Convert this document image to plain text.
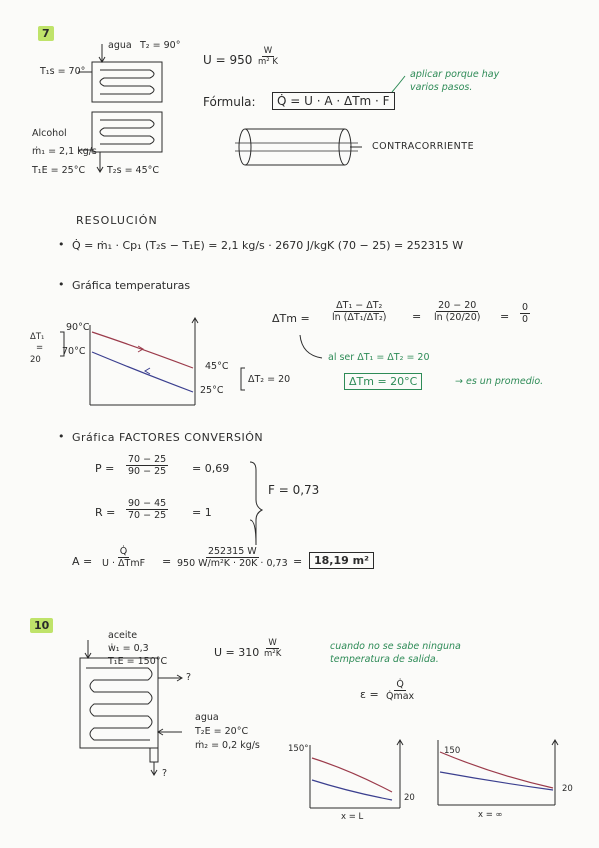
7
agua T₂ = 90°
T₁s = 70°
$U = 950 \frac{W}{\text{m² K}}$
Fórmula:	Q̇ = U · A · ΔTm · F
aplicar porque hay varios pasos.
Alcohol
ṁ₁ = 2,1 kg/s
T₁E = 25°C T₂s = 45°C
CONTRACORRIENTE
RESOLUCIÓN
• Q̇ = ṁ₁ · Cp₁ (T₂s − T₁E) = 2,1 kg/s · 2670 J/kgK (70 − 25) = 252315 W
• Gráfica temperaturas
ΔT₁
=
20
90°C
70°C
45°C
25°C
ΔT₂ = 20
$\Delta Tm = \frac{\text{ΔT₁ − ΔT₂}}{\text{ln (ΔT₁/ΔT₂)}} = \frac{20 - 20}{\ln (20/20)} = \frac{0}{0}$
al ser ΔT₁ = ΔT₂ = 20
ΔTm = 20°C	→ es un promedio.
• Gráfica FACTORES CONVERSIÓN
$P = \frac{70 - 25}{90 - 25} = 0,69$
$R = \frac{90 - 45}{70 - 25} = 1$
F = 0,73
$A = \frac{Q̇}{\text{U · ΔTmF}} = \frac{252315 W}{\text{950 W/m²K · 20K · 0,73}}$ =	18,19 m²
10
aceite
ẇ₁ = 0,3
T₁E = 150°C
$U = 310 \frac{W}{\text{m²K}}$	cuando no se sabe ninguna temperatura de salida.
$\varepsilon = \frac{Q̇}{Q̇\max}$
?
agua
T₂E = 20°C
ṁ₂ = 0,2 kg/s
?
150°
20
x = L
150
20
x = ∞
